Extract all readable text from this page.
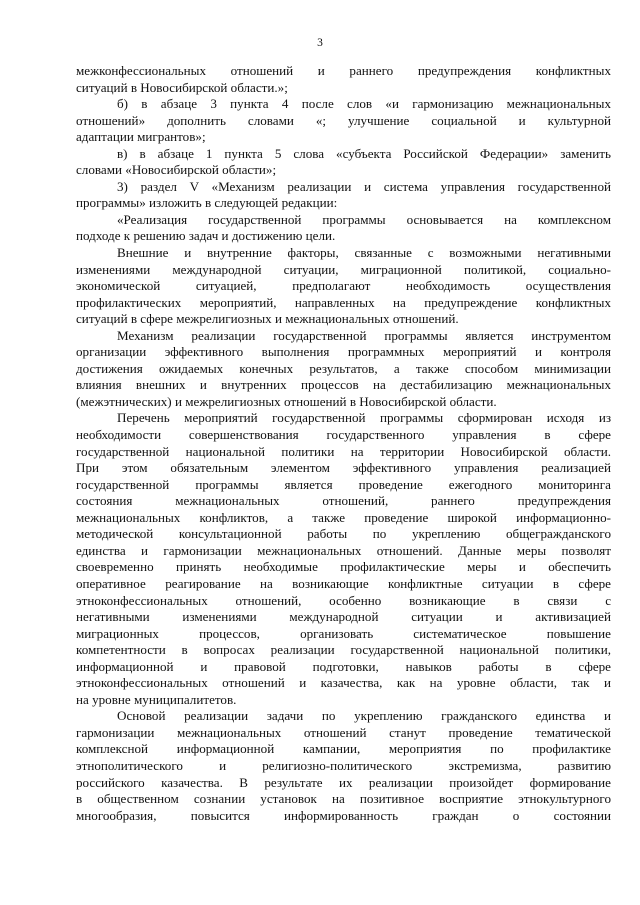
3
межконфессиональных отношений и раннего предупреждения конфликтных
ситуаций в Новосибирской области.»;
б) в абзаце 3 пункта 4 после слов «и гармонизацию межнациональных
отношений» дополнить словами «; улучшение социальной и культурной
адаптации мигрантов»;
в) в абзаце 1 пункта 5 слова «субъекта Российской Федерации» заменить
словами «Новосибирской области»;
3) раздел V «Механизм реализации и система управления государственной
программы» изложить в следующей редакции:
«Реализация государственной программы основывается на комплексном
подходе к решению задач и достижению цели.
Внешние и внутренние факторы, связанные с возможными негативными
изменениями международной ситуации, миграционной политикой, социально-
экономической ситуацией, предполагают необходимость осуществления
профилактических мероприятий, направленных на предупреждение конфликтных
ситуаций в сфере межрелигиозных и межнациональных отношений.
Механизм реализации государственной программы является инструментом
организации эффективного выполнения программных мероприятий и контроля
достижения ожидаемых конечных результатов, а также способом минимизации
влияния внешних и внутренних процессов на дестабилизацию межнациональных
(межэтнических) и межрелигиозных отношений в Новосибирской области.
Перечень мероприятий государственной программы сформирован исходя из
необходимости совершенствования государственного управления в сфере
государственной национальной политики на территории Новосибирской области.
При этом обязательным элементом эффективного управления реализацией
государственной программы является проведение ежегодного мониторинга
состояния межнациональных отношений, раннего предупреждения
межнациональных конфликтов, а также проведение широкой информационно-
методической консультационной работы по укреплению общегражданского
единства и гармонизации межнациональных отношений. Данные меры позволят
своевременно принять необходимые профилактические меры и обеспечить
оперативное реагирование на возникающие конфликтные ситуации в сфере
этноконфессиональных отношений, особенно возникающие в связи с
негативными изменениями международной ситуации и активизацией
миграционных процессов, организовать систематическое повышение
компетентности в вопросах реализации государственной национальной политики,
информационной и правовой подготовки, навыков работы в сфере
этноконфессиональных отношений и казачества, как на уровне области, так и
на уровне муниципалитетов.
Основой реализации задачи по укреплению гражданского единства и
гармонизации межнациональных отношений станут проведение тематической
комплексной информационной кампании, мероприятия по профилактике
этнополитического и религиозно-политического экстремизма, развитию
российского казачества. В результате их реализации произойдет формирование
в общественном сознании установок на позитивное восприятие этнокультурного
многообразия, повысится информированность граждан о состоянии
